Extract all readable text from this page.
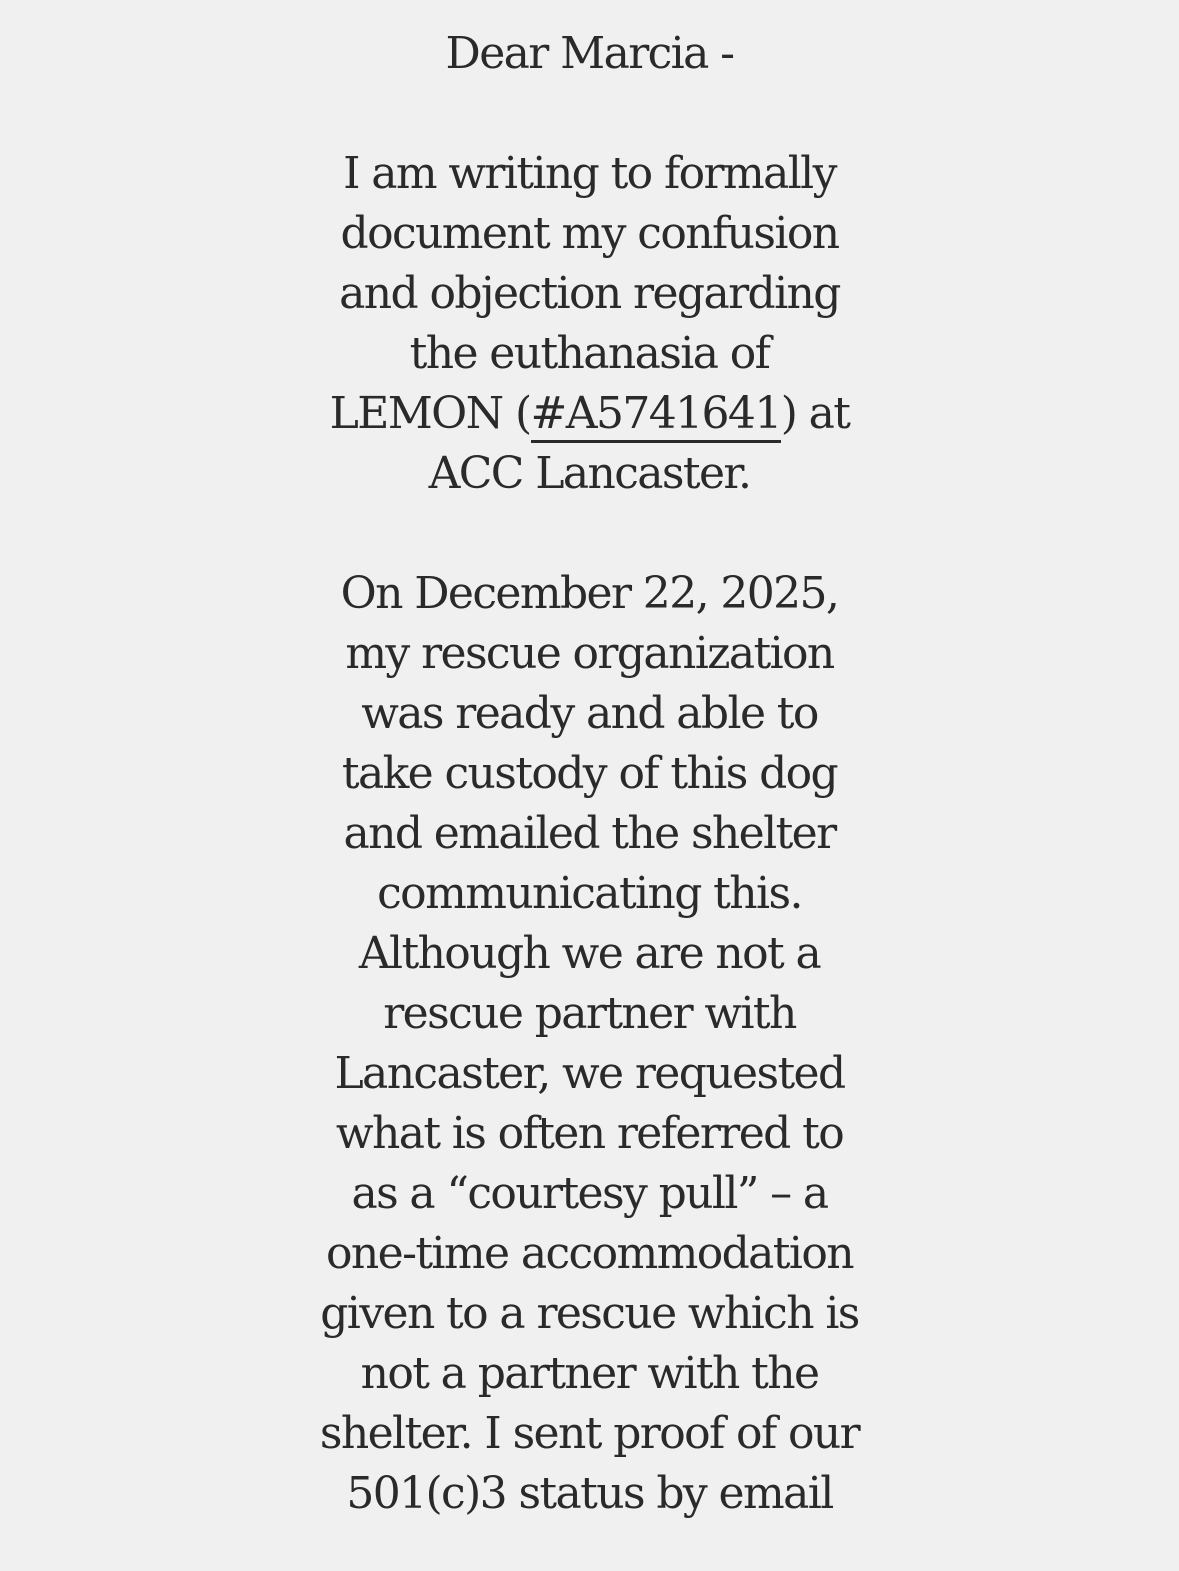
Dear Marcia -

I am writing to formally
document my confusion
and objection regarding
the euthanasia of
LEMON (#A5741641) at
ACC Lancaster.

On December 22, 2025,
my rescue organization
was ready and able to
take custody of this dog
and emailed the shelter
communicating this.
Although we are not a
rescue partner with
Lancaster, we requested
what is often referred to
as a “courtesy pull” – a
one-time accommodation
given to a rescue which is
not a partner with the
shelter. I sent proof of our
501(c)3 status by email
